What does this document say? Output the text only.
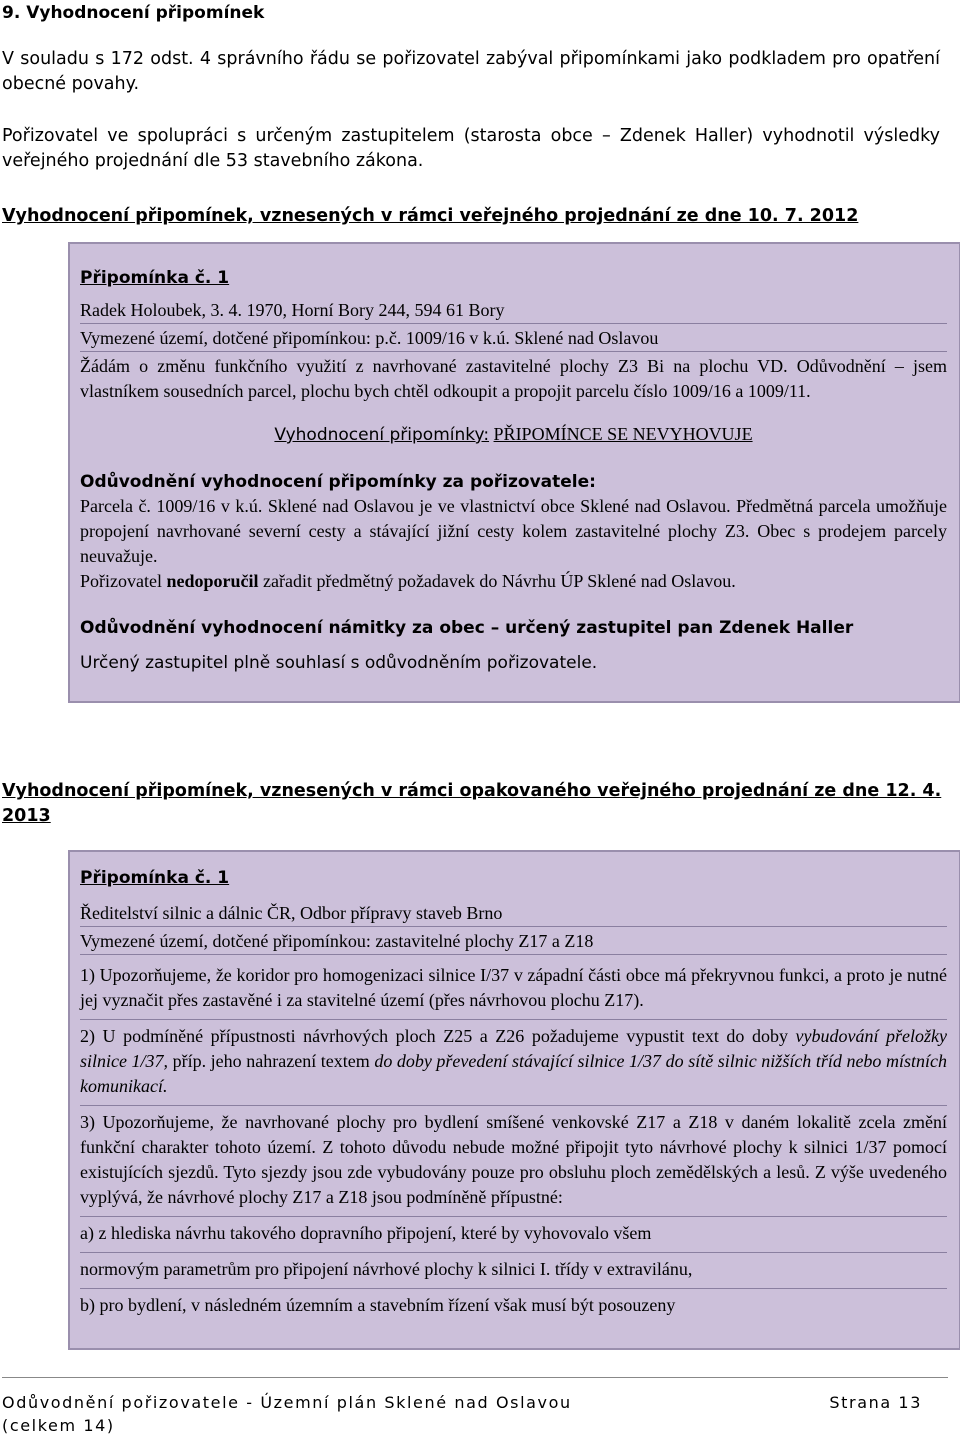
9. Vyhodnocení připomínek
V souladu s 172 odst. 4 správního řádu se pořizovatel zabýval připomínkami jako podkladem pro opatření obecné povahy.
Pořizovatel ve spolupráci s určeným zastupitelem (starosta obce – Zdenek Haller) vyhodnotil výsledky veřejného projednání dle 53 stavebního zákona.
Vyhodnocení připomínek, vznesených v rámci veřejného projednání ze dne 10. 7. 2012

Připomínka č. 1

Radek Holoubek, 3. 4. 1970, Horní Bory 244, 594 61 Bory

Vymezené území, dotčené připomínkou: p.č. 1009/16 v k.ú. Sklené nad Oslavou

Žádám o změnu funkčního využití z navrhované zastavitelné plochy Z3 Bi na plochu VD. Odůvodnění – jsem vlastníkem sousedních parcel, plochu bych chtěl odkoupit a propojit parcelu číslo 1009/16 a 1009/11.

Vyhodnocení připomínky: PŘIPOMÍNCE SE NEVYHOVUJE

Odůvodnění vyhodnocení připomínky za pořizovatele:

Parcela č. 1009/16 v k.ú. Sklené nad Oslavou je ve vlastnictví obce Sklené nad Oslavou. Předmětná parcela umožňuje propojení navrhované severní cesty a stávající jižní cesty kolem zastavitelné plochy Z3. Obec s prodejem parcely neuvažuje.

Pořizovatel nedoporučil zařadit předmětný požadavek do Návrhu ÚP Sklené nad Oslavou.

Odůvodnění vyhodnocení námitky za obec – určený zastupitel pan Zdenek Haller

Určený zastupitel plně souhlasí s odůvodněním pořizovatele.

Vyhodnocení připomínek, vznesených v rámci opakovaného veřejného projednání ze dne 12. 4. 2013

Připomínka č. 1

Ředitelství silnic a dálnic ČR, Odbor přípravy staveb Brno

Vymezené území, dotčené připomínkou: zastavitelné plochy Z17 a Z18

1) Upozorňujeme, že koridor pro homogenizaci silnice I/37 v západní části obce má překryvnou funkci, a proto je nutné jej vyznačit přes zastavěné i za stavitelné území (přes návrhovou plochu Z17).

2) U podmíněné přípustnosti návrhových ploch Z25 a Z26 požadujeme vypustit text do doby vybudování přeložky silnice 1/37, příp. jeho nahrazení textem do doby převedení stávající silnice 1/37 do sítě silnic nižších tříd nebo místních komunikací.

3) Upozorňujeme, že navrhované plochy pro bydlení smíšené venkovské Z17 a Z18 v daném lokalitě zcela změní funkční charakter tohoto území. Z tohoto důvodu nebude možné připojit tyto návrhové plochy k silnici 1/37 pomocí existujících sjezdů. Tyto sjezdy jsou zde vybudovány pouze pro obsluhu ploch zemědělských a lesů. Z výše uvedeného vyplývá, že návrhové plochy Z17 a Z18 jsou podmíněně přípustné:

a) z hlediska návrhu takového dopravního připojení, které by vyhovovalo všem

normovým parametrům pro připojení návrhové plochy k silnici I. třídy v extravilánu,

b) pro bydlení, v následném územním a stavebním řízení však musí být posouzeny

Odůvodnění pořizovatele - Územní plán Sklené nad Oslavou	Strana 13
(celkem 14)
